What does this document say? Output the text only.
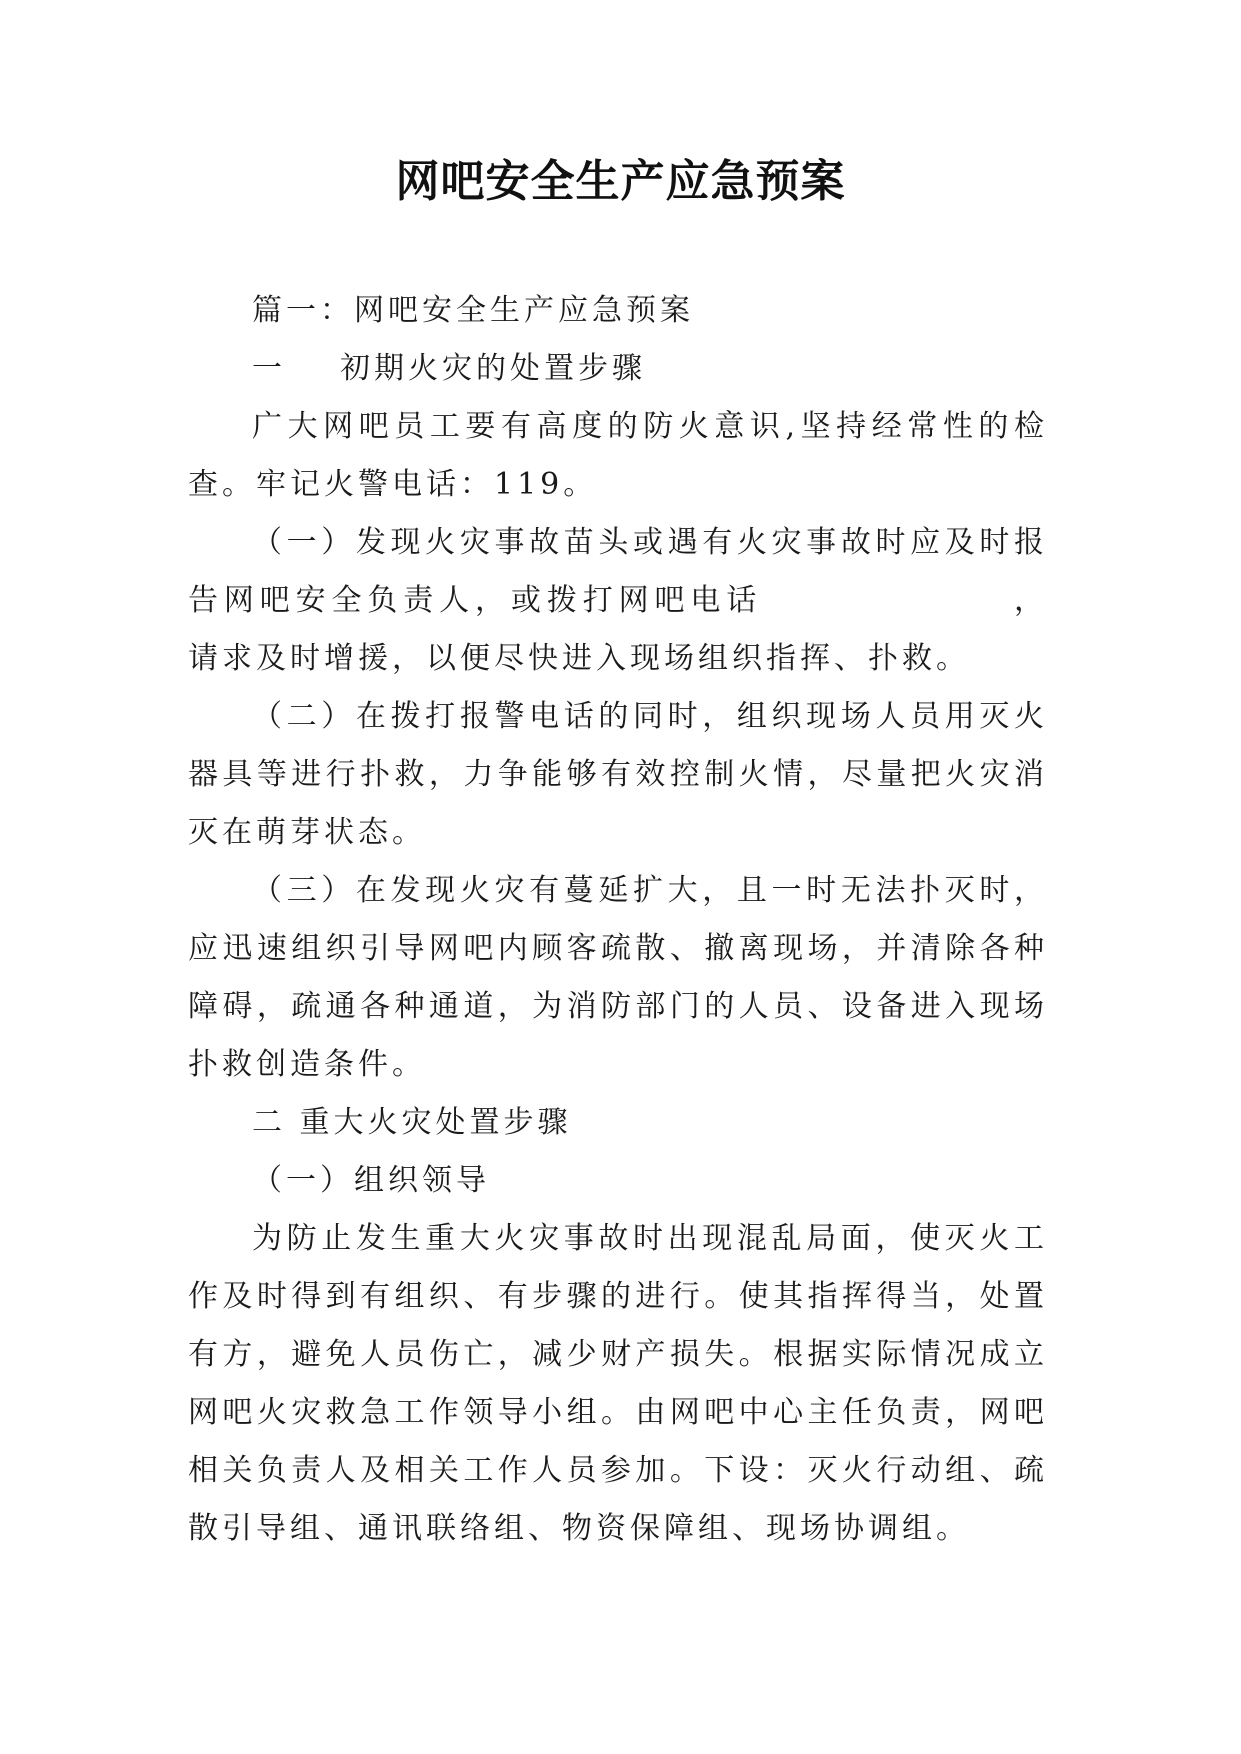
网吧安全生产应急预案

篇一：网吧安全生产应急预案

一 初期火灾的处置步骤

广大网吧员工要有高度的防火意识,坚持经常性的检查。牢记火警电话：119。

（一）发现火灾事故苗头或遇有火灾事故时应及时报告网吧安全负责人，或拨打网吧电话	，请求及时增援，以便尽快进入现场组织指挥、扑救。

（二）在拨打报警电话的同时，组织现场人员用灭火器具等进行扑救，力争能够有效控制火情，尽量把火灾消灭在萌芽状态。

（三）在发现火灾有蔓延扩大，且一时无法扑灭时，应迅速组织引导网吧内顾客疏散、撤离现场，并清除各种障碍，疏通各种通道，为消防部门的人员、设备进入现场扑救创造条件。

二 重大火灾处置步骤

（一）组织领导

为防止发生重大火灾事故时出现混乱局面，使灭火工作及时得到有组织、有步骤的进行。使其指挥得当，处置有方，避免人员伤亡，减少财产损失。根据实际情况成立网吧火灾救急工作领导小组。由网吧中心主任负责，网吧相关负责人及相关工作人员参加。下设：灭火行动组、疏散引导组、通讯联络组、物资保障组、现场协调组。
